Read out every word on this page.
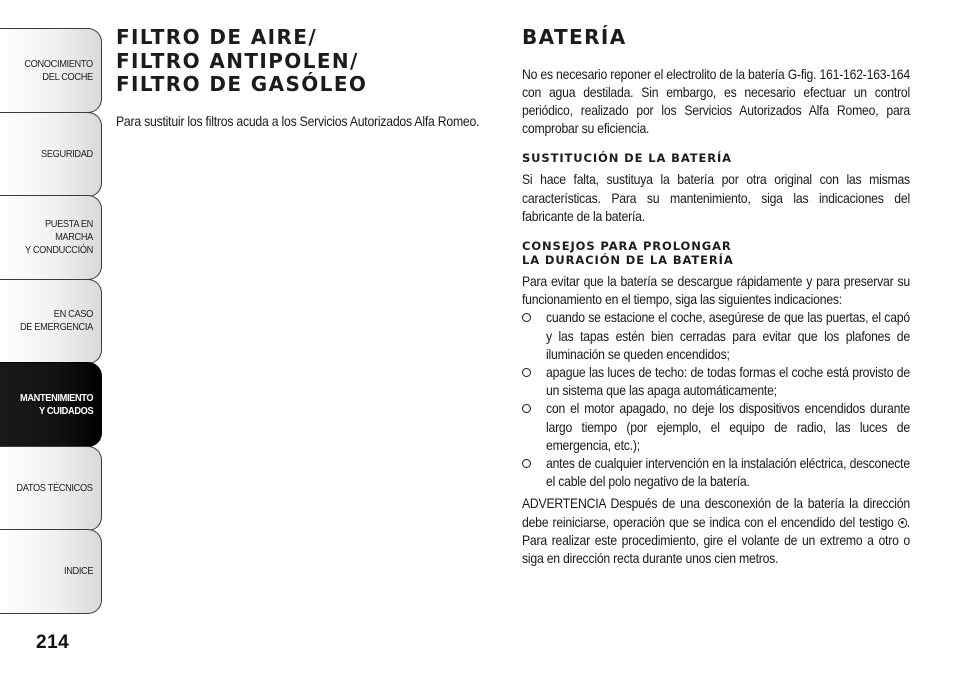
CONOCIMIENTO
DEL COCHE
SEGURIDAD
PUESTA EN MARCHA
Y CONDUCCIÓN
EN CASO
DE EMERGENCIA
MANTENIMIENTO
Y CUIDADOS
DATOS TÉCNICOS
INDICE
214
FILTRO DE AIRE/
FILTRO ANTIPOLEN/
FILTRO DE GASÓLEO

Para sustituir los filtros acuda a los Servicios Autorizados Alfa Romeo.

BATERÍA

No es necesario reponer el electrolito de la batería G-fig. 161-162-163-164 con agua destilada. Sin embargo, es necesario efectuar un control periódico, realizado por los Servicios Autorizados Alfa Romeo, para comprobar su eficiencia.

SUSTITUCIÓN DE LA BATERÍA

Si hace falta, sustituya la batería por otra original con las mismas características. Para su mantenimiento, siga las indicaciones del fabricante de la batería.

CONSEJOS PARA PROLONGAR
LA DURACIÓN DE LA BATERÍA

Para evitar que la batería se descargue rápidamente y para preservar su funcionamiento en el tiempo, siga las siguientes indicaciones:

cuando se estacione el coche, asegúrese de que las puertas, el capó y las tapas estén bien cerradas para evitar que los plafones de iluminación se queden encendidos;

apague las luces de techo: de todas formas el coche está provisto de un sistema que las apaga automáticamente;

con el motor apagado, no deje los dispositivos encendidos durante largo tiempo (por ejemplo, el equipo de radio, las luces de emergencia, etc.);

antes de cualquier intervención en la instalación eléctrica, desconecte el cable del polo negativo de la batería.

ADVERTENCIA Después de una desconexión de la batería la dirección debe reiniciarse, operación que se indica con el encendido del testigo . Para realizar este procedimiento, gire el volante de un extremo a otro o siga en dirección recta durante unos cien metros.
